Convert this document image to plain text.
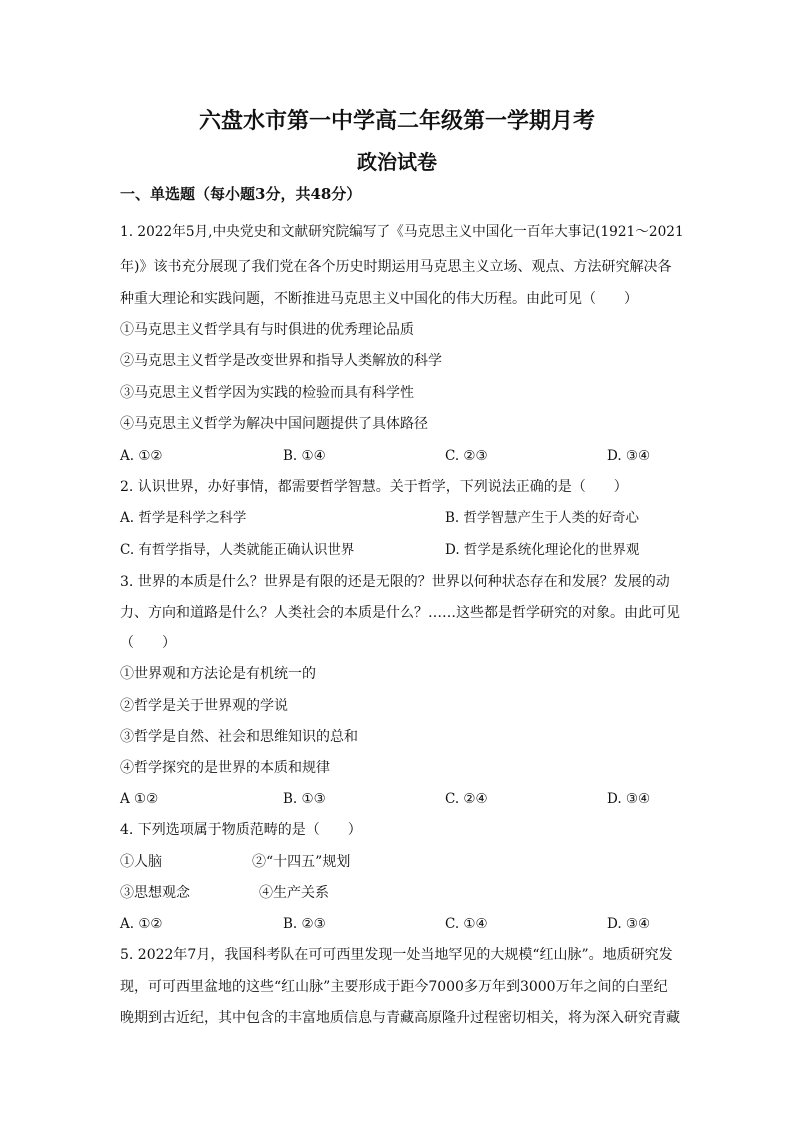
六盘水市第一中学高二年级第一学期月考
政治试卷
一、单选题（每小题3分，共48分）
1. 2022年5月,中央党史和文献研究院编写了《马克思主义中国化一百年大事记(1921～2021
年)》该书充分展现了我们党在各个历史时期运用马克思主义立场、观点、方法研究解决各
种重大理论和实践问题，不断推进马克思主义中国化的伟大历程。由此可见（　　）
①马克思主义哲学具有与时俱进的优秀理论品质
②马克思主义哲学是改变世界和指导人类解放的科学
③马克思主义哲学因为实践的检验而具有科学性
④马克思主义哲学为解决中国问题提供了具体路径
A. ①②	B. ①④	C. ②③	D. ③④
2. 认识世界，办好事情，都需要哲学智慧。关于哲学，下列说法正确的是（　　）
A. 哲学是科学之科学	B. 哲学智慧产生于人类的好奇心
C. 有哲学指导，人类就能正确认识世界	D. 哲学是系统化理论化的世界观
3. 世界的本质是什么？世界是有限的还是无限的？世界以何种状态存在和发展？发展的动
力、方向和道路是什么？人类社会的本质是什么？……这些都是哲学研究的对象。由此可见
（　　）
①世界观和方法论是有机统一的
②哲学是关于世界观的学说
③哲学是自然、社会和思维知识的总和
④哲学探究的是世界的本质和规律
A ①②	B. ①③	C. ②④	D. ③④
4. 下列选项属于物质范畴的是（　　）
①人脑	②“十四五”规划
③思想观念	④生产关系
A. ①②	B. ②③	C. ①④	D. ③④
5. 2022年7月，我国科考队在可可西里发现一处当地罕见的大规模“红山脉”。地质研究发
现，可可西里盆地的这些“红山脉”主要形成于距今7000多万年到3000万年之间的白垩纪
晚期到古近纪，其中包含的丰富地质信息与青藏高原隆升过程密切相关，将为深入研究青藏
